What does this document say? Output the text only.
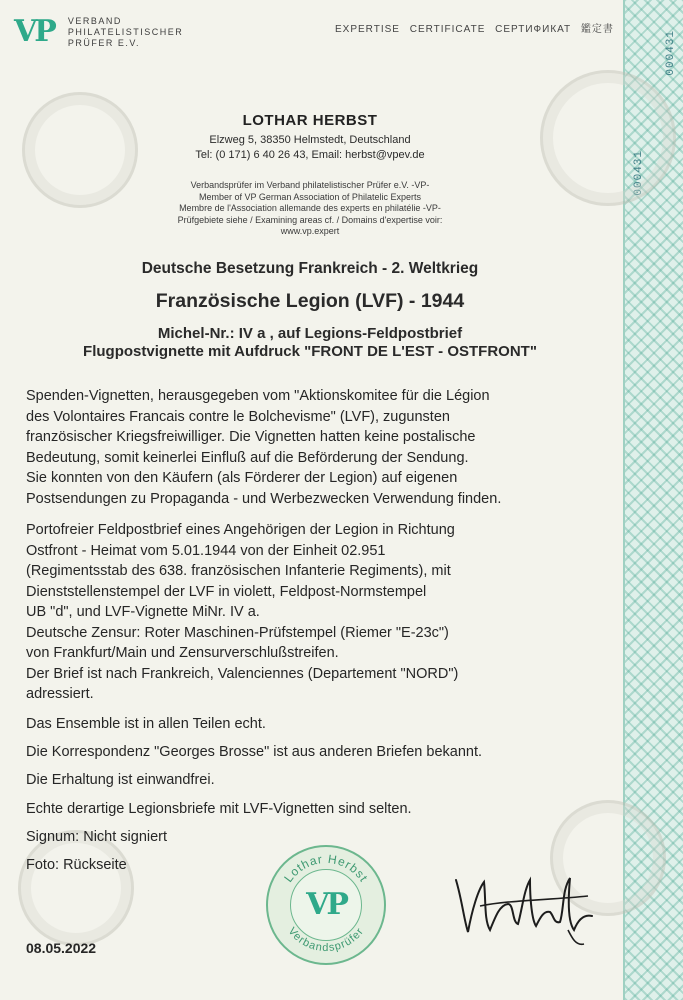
000431
000431
VP VERBAND
PHILATELISTISCHER
PRÜFER E.V.
EXPERTISE CERTIFICATE СЕРТИФИКАТ 鑑定書
LOTHAR HERBST
Elzweg 5, 38350 Helmstedt, Deutschland
Tel: (0 171) 6 40 26 43, Email: herbst@vpev.de
Verbandsprüfer im Verband philatelistischer Prüfer e.V. -VP-
Member of VP German Association of Philatelic Experts
Membre de l'Association allemande des experts en philatélie -VP-
Prüfgebiete siehe / Examining areas cf. / Domains d'expertise voir:
www.vp.expert
Deutsche Besetzung Frankreich - 2. Weltkrieg
Französische Legion (LVF) - 1944
Michel-Nr.: IV a , auf Legions-Feldpostbrief
Flugpostvignette mit Aufdruck "FRONT DE L'EST - OSTFRONT"
Spenden-Vignetten, herausgegeben vom "Aktionskomitee für die Légion
des Volontaires Francais contre le Bolchevisme" (LVF), zugunsten
französischer Kriegsfreiwilliger. Die Vignetten hatten keine postalische
Bedeutung, somit keinerlei Einfluß auf die Beförderung der Sendung.
Sie konnten von den Käufern (als Förderer der Legion) auf eigenen
Postsendungen zu Propaganda - und Werbezwecken Verwendung finden.
Portofreier Feldpostbrief eines Angehörigen der Legion in Richtung
Ostfront - Heimat vom 5.01.1944 von der Einheit 02.951
(Regimentsstab des 638. französischen Infanterie Regiments), mit
Dienststellenstempel der LVF in violett, Feldpost-Normstempel
UB "d", und LVF-Vignette MiNr. IV a.
Deutsche Zensur: Roter Maschinen-Prüfstempel (Riemer "E-23c")
von Frankfurt/Main und Zensurverschlußstreifen.
Der Brief ist nach Frankreich, Valenciennes (Departement "NORD")
adressiert.
Das Ensemble ist in allen Teilen echt.
Die Korrespondenz "Georges Brosse" ist aus anderen Briefen bekannt.
Die Erhaltung ist einwandfrei.
Echte derartige Legionsbriefe mit LVF-Vignetten sind selten.
Signum: Nicht signiert
Foto: Rückseite
08.05.2022
Lothar Herbst
Verbandsprüfer
VP
